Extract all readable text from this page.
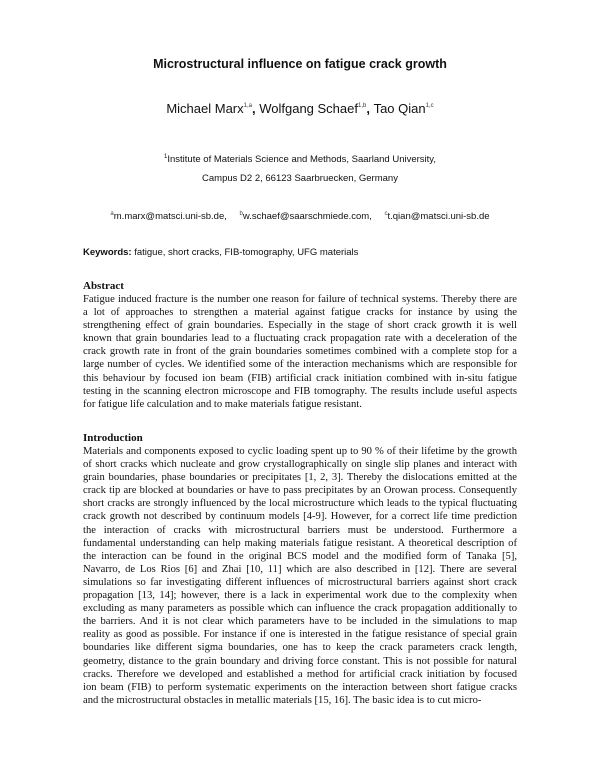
Microstructural influence on fatigue crack growth
Michael Marx$^{1,a}$, Wolfgang Schaef$^{1,b}$, Tao Qian$^{1,c}$
$^1$Institute of Materials Science and Methods, Saarland University,
Campus D2 2, 66123 Saarbruecken, Germany
$^a$m.marx@matsci.uni-sb.de, $^b$w.schaef@saarschmiede.com, $^c$t.qian@matsci.uni-sb.de
Keywords: fatigue, short cracks, FIB-tomography, UFG materials
Abstract
Fatigue induced fracture is the number one reason for failure of technical systems. Thereby there are
a lot of approaches to strengthen a material against fatigue cracks for instance by using the
strengthening effect of grain boundaries. Especially in the stage of short crack growth it is well
known that grain boundaries lead to a fluctuating crack propagation rate with a deceleration of the
crack growth rate in front of the grain boundaries sometimes combined with a complete stop for a
large number of cycles. We identified some of the interaction mechanisms which are responsible for
this behaviour by focused ion beam (FIB) artificial crack initiation combined with in-situ fatigue
testing in the scanning electron microscope and FIB tomography. The results include useful aspects
for fatigue life calculation and to make materials fatigue resistant.
Introduction
Materials and components exposed to cyclic loading spent up to 90 % of their lifetime by the growth
of short cracks which nucleate and grow crystallographically on single slip planes and interact with
grain boundaries, phase boundaries or precipitates [1, 2, 3]. Thereby the dislocations emitted at the
crack tip are blocked at boundaries or have to pass precipitates by an Orowan process. Consequently
short cracks are strongly influenced by the local microstructure which leads to the typical fluctuating
crack growth not described by continuum models [4-9]. However, for a correct life time prediction
the interaction of cracks with microstructural barriers must be understood. Furthermore a
fundamental understanding can help making materials fatigue resistant. A theoretical description of
the interaction can be found in the original BCS model and the modified form of Tanaka [5],
Navarro, de Los Rios [6] and Zhai [10, 11] which are also described in [12]. There are several
simulations so far investigating different influences of microstructural barriers against short crack
propagation [13, 14]; however, there is a lack in experimental work due to the complexity when
excluding as many parameters as possible which can influence the crack propagation additionally to
the barriers. And it is not clear which parameters have to be included in the simulations to map
reality as good as possible. For instance if one is interested in the fatigue resistance of special grain
boundaries like different sigma boundaries, one has to keep the crack parameters crack length,
geometry, distance to the grain boundary and driving force constant. This is not possible for natural
cracks. Therefore we developed and established a method for artificial crack initiation by focused
ion beam (FIB) to perform systematic experiments on the interaction between short fatigue cracks
and the microstructural obstacles in metallic materials [15, 16]. The basic idea is to cut micro-
